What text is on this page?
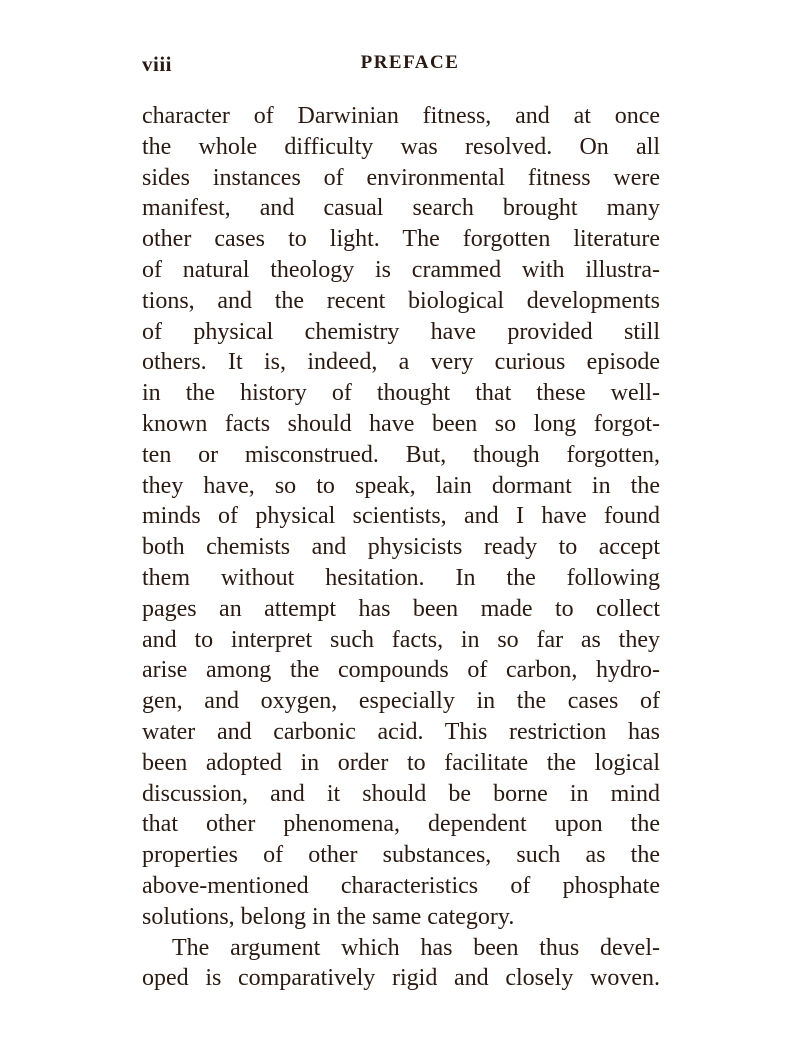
viii	PREFACE
character of Darwinian fitness, and at once
the whole difficulty was resolved. On all
sides instances of environmental fitness were
manifest, and casual search brought many
other cases to light. The forgotten literature
of natural theology is crammed with illustra-
tions, and the recent biological developments
of physical chemistry have provided still
others. It is, indeed, a very curious episode
in the history of thought that these well-
known facts should have been so long forgot-
ten or misconstrued. But, though forgotten,
they have, so to speak, lain dormant in the
minds of physical scientists, and I have found
both chemists and physicists ready to accept
them without hesitation. In the following
pages an attempt has been made to collect
and to interpret such facts, in so far as they
arise among the compounds of carbon, hydro-
gen, and oxygen, especially in the cases of
water and carbonic acid. This restriction has
been adopted in order to facilitate the logical
discussion, and it should be borne in mind
that other phenomena, dependent upon the
properties of other substances, such as the
above-mentioned characteristics of phosphate
solutions, belong in the same category.
The argument which has been thus devel-
oped is comparatively rigid and closely woven.
